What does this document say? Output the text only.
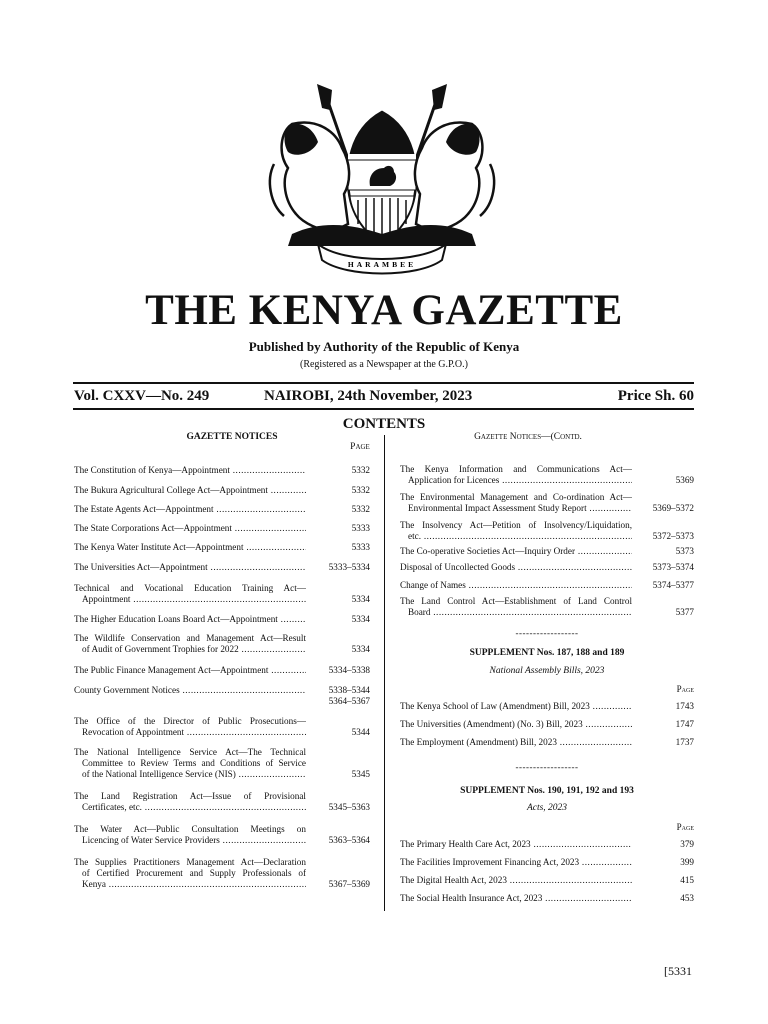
HARAMBEE
THE KENYA GAZETTE
Published by Authority of the Republic of Kenya
(Registered as a Newspaper at the G.P.O.)
Vol. CXXV—No. 249	NAIROBI, 24th November, 2023	Price Sh. 60
CONTENTS
GAZETTE NOTICES
Page
The Constitution of Kenya—Appointment .....	5332
The Bukura Agricultural College Act—Appointment .....	5332
The Estate Agents Act—Appointment .....	5332
The State Corporations Act—Appointment .....	5333
The Kenya Water Institute Act—Appointment .....	5333
The Universities Act—Appointment .....	5333–5334
Technical and Vocational Education Training Act—
Appointment .....	5334
The Higher Education Loans Board Act—Appointment .....	5334
The Wildlife Conservation and Management Act—Result
of Audit of Government Trophies for 2022 .....	5334
The Public Finance Management Act—Appointment .....	5334–5338
County Government Notices .....	5338–5344
5364–5367
The Office of the Director of Public Prosecutions—
Revocation of Appointment .....	5344
The National Intelligence Service Act—The Technical
Committee to Review Terms and Conditions of Service
of the National Intelligence Service (NIS) .....	5345
The Land Registration Act—Issue of Provisional
Certificates, etc. .....	5345–5363
The Water Act—Public Consultation Meetings on
Licencing of Water Service Providers .....	5363–5364
The Supplies Practitioners Management Act—Declaration
of Certified Procurement and Supply Professionals of
Kenya .....	5367–5369
Gazette Notices—(Contd.
The Kenya Information and Communications Act—
Application for Licences .....	5369
The Environmental Management and Co-ordination Act—
Environmental Impact Assessment Study Report .....	5369–5372
The Insolvency Act—Petition of Insolvency/Liquidation,
etc. .....	5372–5373
The Co-operative Societies Act—Inquiry Order .....	5373
Disposal of Uncollected Goods .....	5373–5374
Change of Names .....	5374–5377
The Land Control Act—Establishment of Land Control
Board .....	5377
------------------
SUPPLEMENT Nos. 187, 188 and 189
National Assembly Bills, 2023
Page
The Kenya School of Law (Amendment) Bill, 2023 .....	1743
The Universities (Amendment) (No. 3) Bill, 2023 .....	1747
The Employment (Amendment) Bill, 2023 .....	1737
------------------
SUPPLEMENT Nos. 190, 191, 192 and 193
Acts, 2023
Page
The Primary Health Care Act, 2023 .....	379
The Facilities Improvement Financing Act, 2023 .....	399
The Digital Health Act, 2023 .....	415
The Social Health Insurance Act, 2023 .....	453
[5331
